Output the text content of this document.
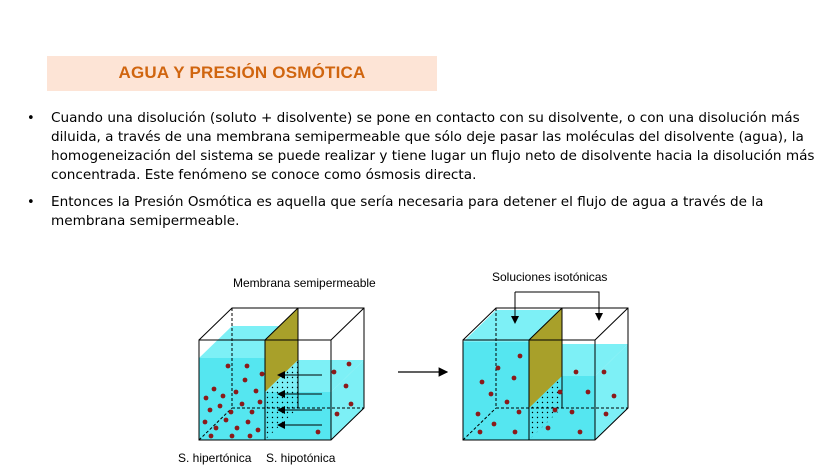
AGUA Y PRESIÓN OSMÓTICA
• Cuando una disolución (soluto + disolvente) se pone en contacto con su disolvente, o con una disolución más diluida, a través de una membrana semipermeable que sólo deje pasar las moléculas del disolvente (agua), la homogeneización del sistema se puede realizar y tiene lugar un flujo neto de disolvente hacia la disolución más concentrada. Este fenómeno se conoce como ósmosis directa.
• Entonces la Presión Osmótica es aquella que sería necesaria para detener el flujo de agua a través de la membrana semipermeable.
Membrana semipermeable	Soluciones isotónicas
S. hipertónica S. hipotónica
